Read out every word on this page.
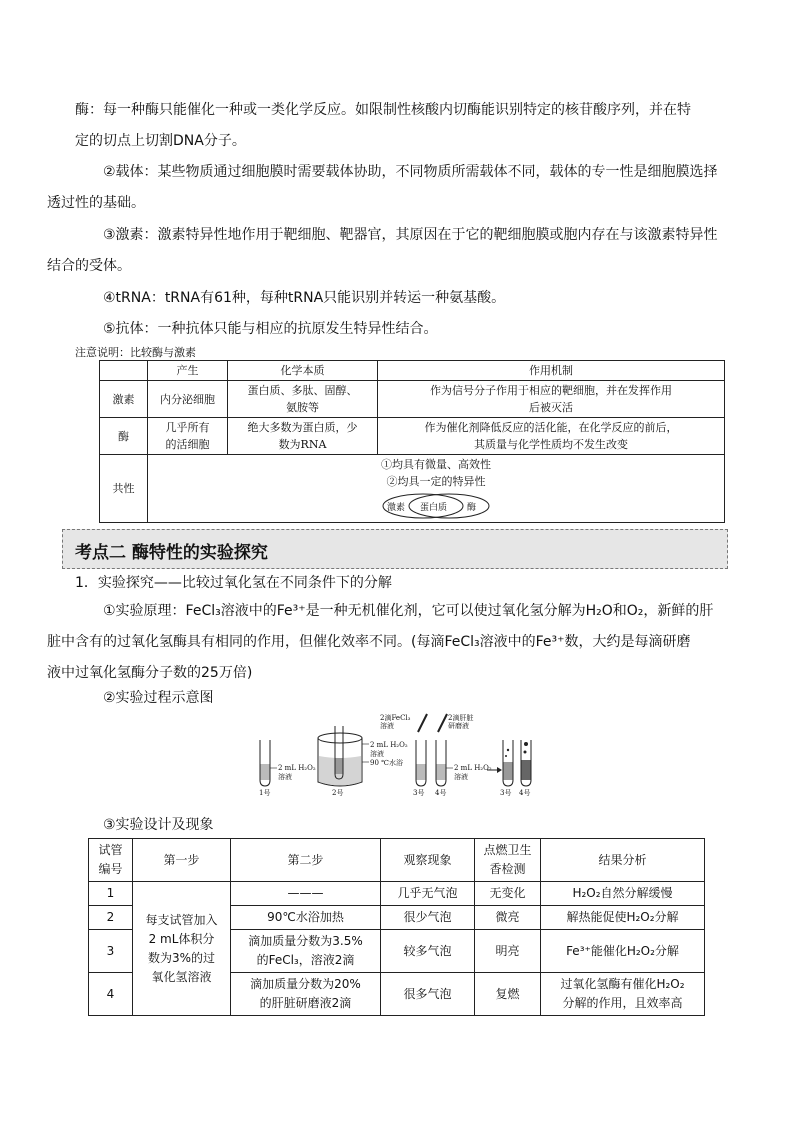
酶：每一种酶只能催化一种或一类化学反应。如限制性核酸内切酶能识别特定的核苷酸序列，并在特
定的切点上切割DNA分子。

②载体：某些物质通过细胞膜时需要载体协助，不同物质所需载体不同，载体的专一性是细胞膜选择
透过性的基础。

③激素：激素特异性地作用于靶细胞、靶器官，其原因在于它的靶细胞膜或胞内存在与该激素特异性
结合的受体。

④tRNA：tRNA有61种，每种tRNA只能识别并转运一种氨基酸。

⑤抗体：一种抗体只能与相应的抗原发生特异性结合。

注意说明：比较酶与激素
	产生	化学本质	作用机制
激素	内分泌细胞	蛋白质、多肽、固醇、
氨胺等	作为信号分子作用于相应的靶细胞，并在发挥作用
后被灭活
酶	几乎所有
的活细胞	绝大多数为蛋白质，少
数为RNA	作为催化剂降低反应的活化能，在化学反应的前后，
其质量与化学性质均不发生改变
共性	①均具有微量、高效性
②均具一定的特异性
激素 蛋白质 酶		
考点二 酶特性的实验探究
1．实验探究——比较过氧化氢在不同条件下的分解

①实验原理：FeCl₃溶液中的Fe³⁺是一种无机催化剂，它可以使过氧化氢分解为H₂O和O₂，新鲜的肝
脏中含有的过氧化氢酶具有相同的作用，但催化效率不同。(每滴FeCl₃溶液中的Fe³⁺数，大约是每滴研磨
液中过氧化氢酶分子数的25万倍)

②实验过程示意图
2 mL H₂O₂
溶液
1号
2 mL H₂O₂
溶液
90 ℃水浴
2号
2滴FeCl₃
溶液
2滴肝脏
研磨液
2 mL H₂O₂
溶液
3号 4号	3号 4号
③实验设计及现象
试管
编号	第一步	第二步	观察现象	点燃卫生
香检测	结果分析
1	每支试管加入
2 mL体积分
数为3%的过
氧化氢溶液	———	几乎无气泡	无变化	H₂O₂自然分解缓慢
2		90℃水浴加热	很少气泡	微亮	解热能促使H₂O₂分解
3		滴加质量分数为3.5%
的FeCl₃，溶液2滴	较多气泡	明亮	Fe³⁺能催化H₂O₂分解
4		滴加质量分数为20%
的肝脏研磨液2滴	很多气泡	复燃	过氧化氢酶有催化H₂O₂
分解的作用，且效率高
